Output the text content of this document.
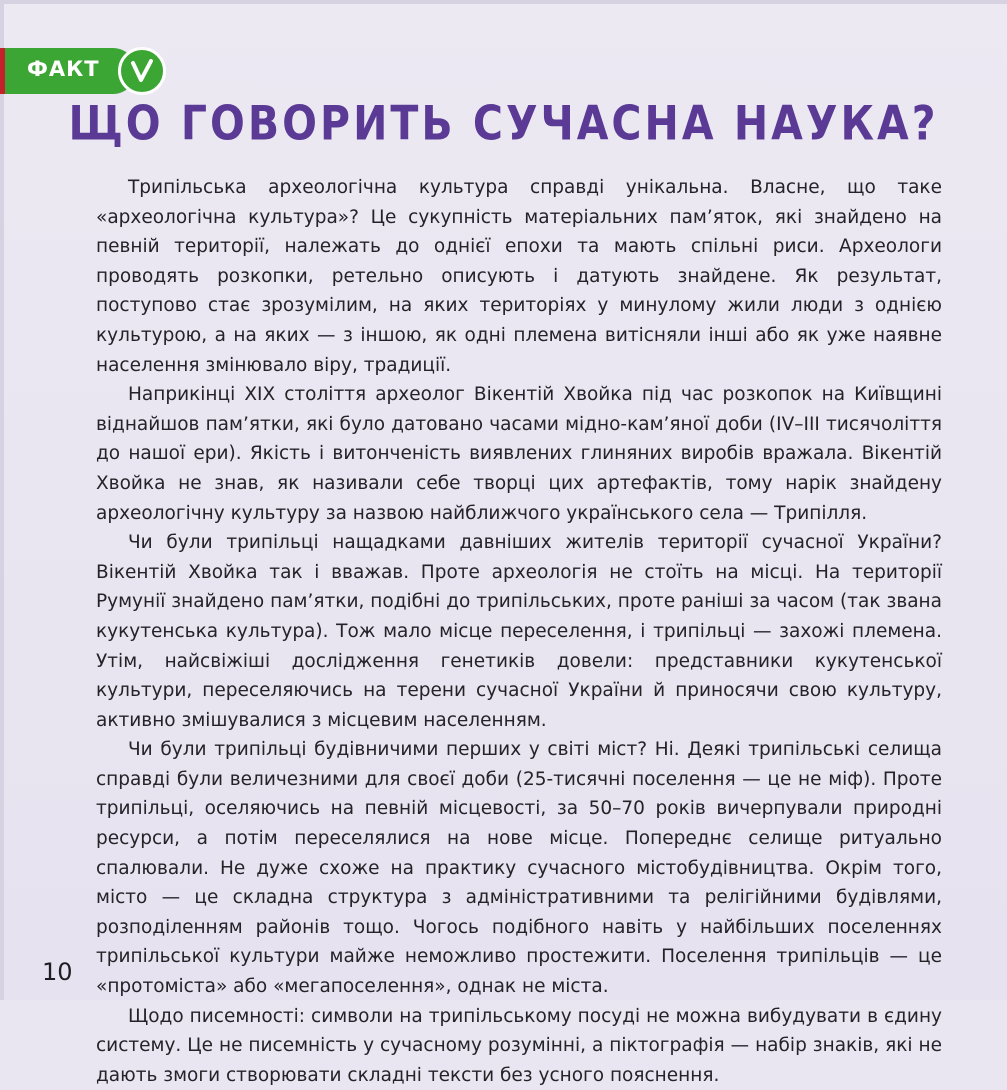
ФАКТ
ЩО ГОВОРИТЬ СУЧАСНА НАУКА?

Трипільська археологічна культура справді унікальна. Власне, що таке «археологічна культура»? Це сукупність матеріальних пам’яток, які знайдено на певній території, належать до однієї епохи та мають спільні риси. Археологи проводять розкопки, ретельно описують і датують знайдене. Як результат, поступово стає зрозумілим, на яких територіях у минулому жили люди з однією культурою, а на яких — з іншою, як одні племена витісняли інші або як уже наявне населення змінювало віру, традиції.

Наприкінці ХІХ століття археолог Вікентій Хвойка під час розкопок на Київщині віднайшов пам’ятки, які було датовано часами мідно-кам’яної доби (IV–III тисячоліття до нашої ери). Якість і витонченість виявлених глиняних виробів вражала. Вікентій Хвойка не знав, як називали себе творці цих артефактів, тому нарік знайдену археологічну культуру за назвою найближчого українського села — Трипілля.

Чи були трипільці нащадками давніших жителів території сучасної України? Вікентій Хвойка так і вважав. Проте археологія не стоїть на місці. На території Румунії знайдено пам’ятки, подібні до трипільських, проте раніші за часом (так звана кукутенська культура). Тож мало місце переселення, і трипільці — захожі племена. Утім, найсвіжіші дослідження генетиків довели: представники кукутенської культури, переселяючись на терени сучасної України й приносячи свою культуру, активно змішувалися з місцевим населенням.

Чи були трипільці будівничими перших у світі міст? Ні. Деякі трипільські селища справді були величезними для своєї доби (25-тисячні поселення — це не міф). Проте трипільці, оселяючись на певній місцевості, за 50–70 років вичерпували природні ресурси, а потім переселялися на нове місце. Попереднє селище ритуально спалювали. Не дуже схоже на практику сучасного містобудівництва. Окрім того, місто — це складна структура з адміністративними та релігійними будівлями, розподіленням районів тощо. Чогось подібного навіть у найбільших поселеннях трипільської культури майже неможливо простежити. Поселення трипільців — це «протоміста» або «мегапоселення», однак не міста.

Щодо писемності: символи на трипільському посуді не можна вибудувати в єдину систему. Це не писемність у сучасному розумінні, а піктографія — набір знаків, які не дають змоги створювати складні тексти без усного пояснення.

10
